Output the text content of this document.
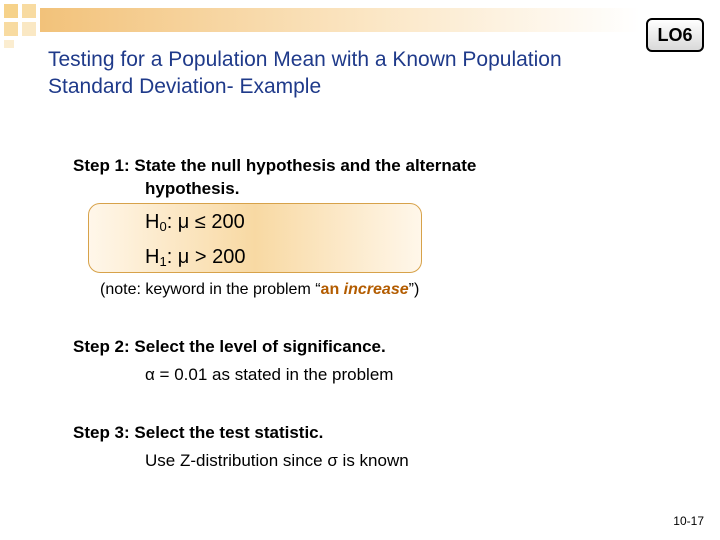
Testing for a Population Mean with a Known Population
Standard Deviation- Example
LO6
Step 1: State the null hypothesis and the alternate
hypothesis.
$H_0$: μ ≤ 200
$H_1$: μ > 200
(note: keyword in the problem “an increase”)
Step 2: Select the level of significance.
α = 0.01 as stated in the problem
Step 3: Select the test statistic.
Use Z-distribution since σ is known
10-17
